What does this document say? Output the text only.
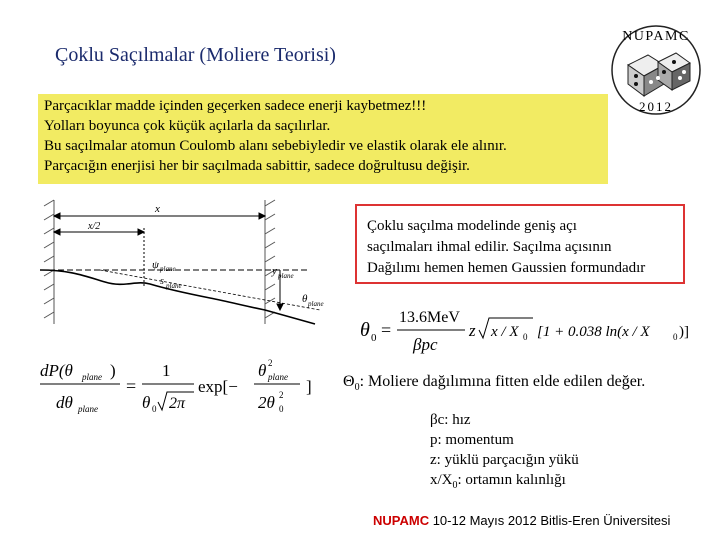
Çoklu Saçılmalar (Moliere Teorisi)
Parçacıklar madde içinden geçerken sadece enerji kaybetmez!!!
Yolları boyunca çok küçük açılarla da saçılırlar.
Bu saçılmalar atomun Coulomb alanı sebebiyledir ve elastik olarak ele alınır.
Parçacığın enerjisi her bir saçılmada sabittir, sadece doğrultusu değişir.
NUPAMC
2012
x
x/2
ψ plane	y plane
s plane
θ plane
Çoklu saçılma modelinde geniş açı
saçılmaları ihmal edilir. Saçılma açısının
Dağılımı hemen hemen Gaussien formundadır
θ 0 =
13.6MeV
βpc
z x / X 0 [1 + 0.038 ln(x / X	0 )]
dP(θ plane )
dθ plane
=
1
θ 0 2π
exp[−
θ 2
plane
2θ 2
0
] $\Theta_0$: Moliere dağılımına fitten elde edilen değer.
βc: hız
p: momentum
z: yüklü parçacığın yükü
$x/X_0$: ortamın kalınlığı
NUPAMC 10-12 Mayıs 2012 Bitlis-Eren Üniversitesi
